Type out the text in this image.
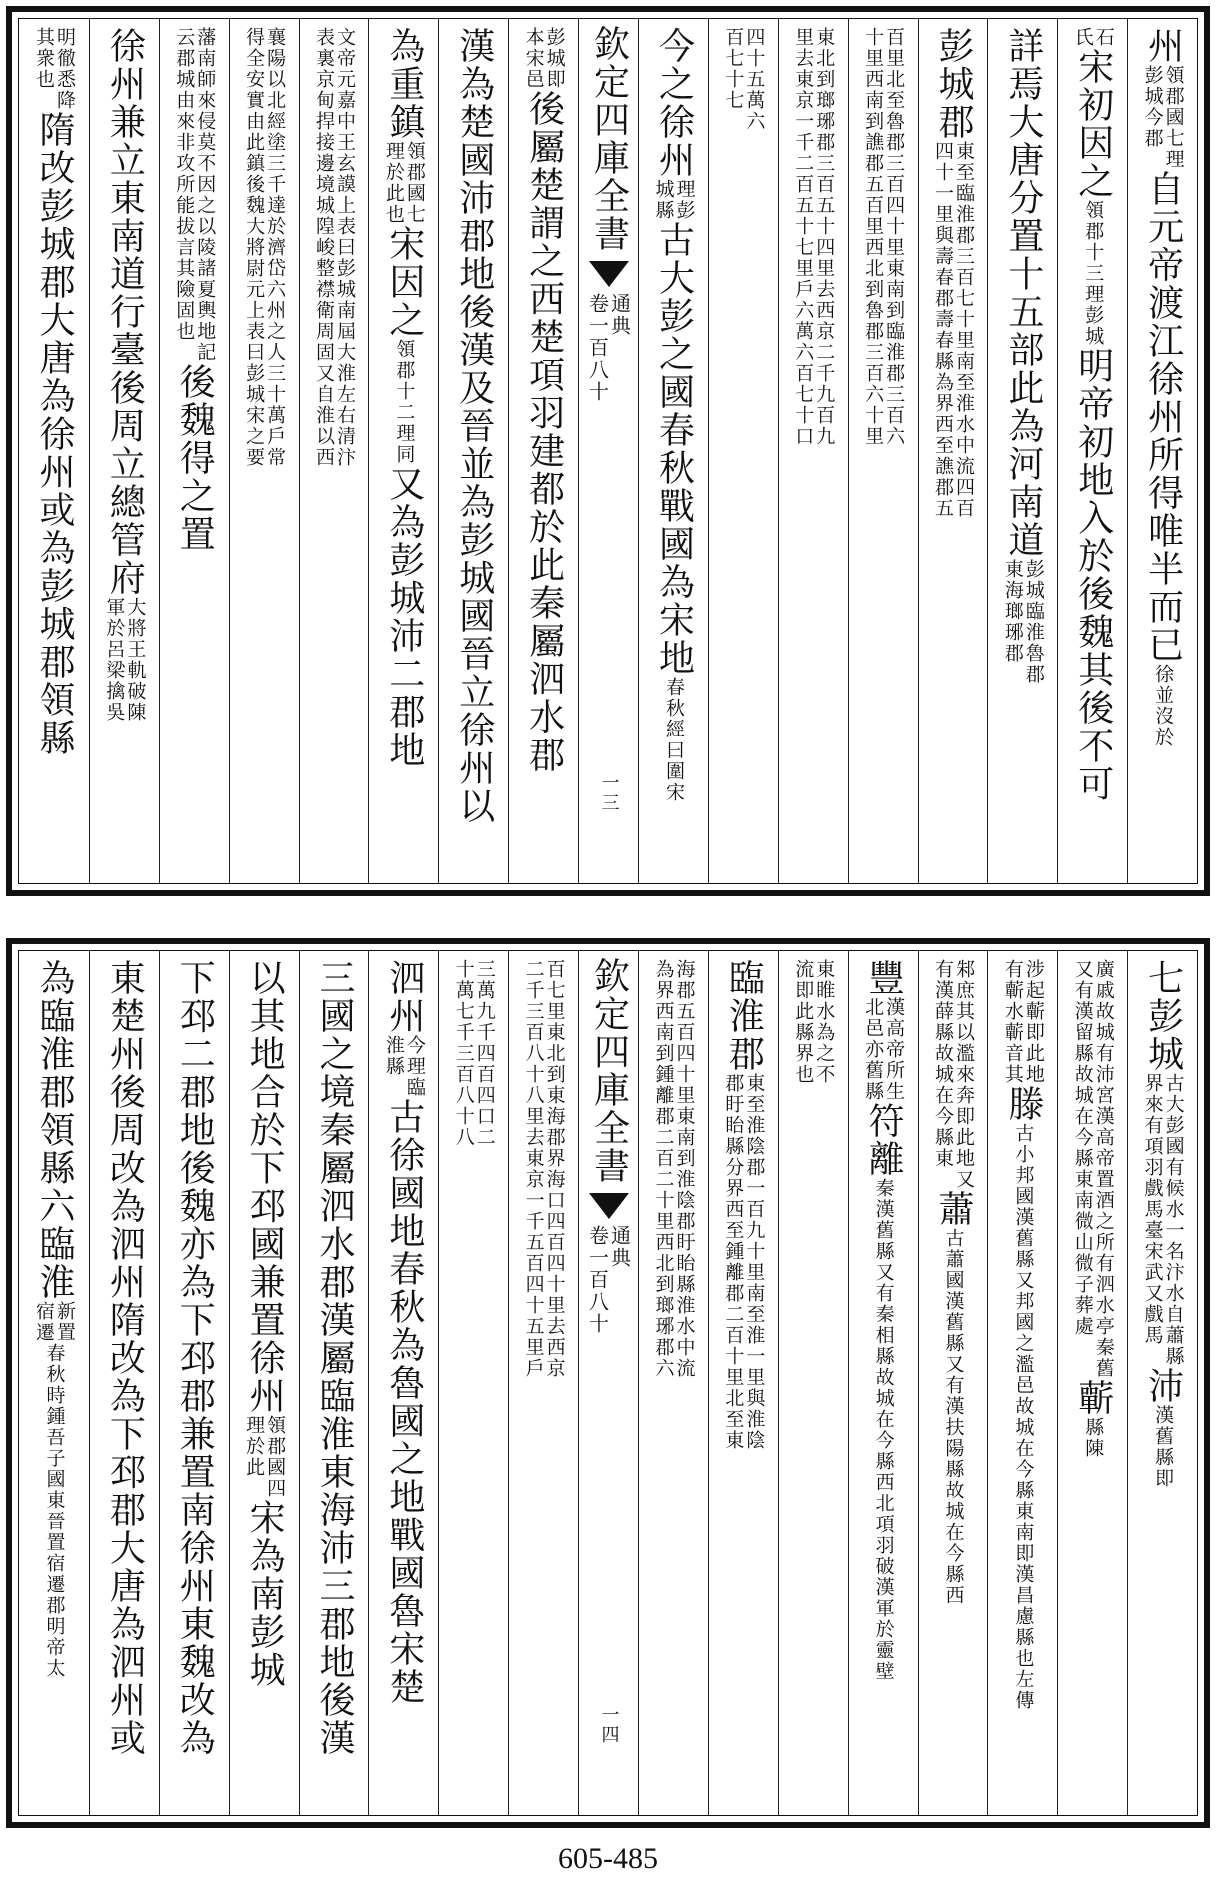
州
領郡國七理
彭城今郡
自元帝渡江徐州所得唯半而已
徐並沒於
石
氏
宋初因之
領郡十三理彭城
明帝初地入於後魏其後不可
詳焉大唐分置十五部此為河南道
彭城臨淮魯郡
東海瑯琊郡
彭城郡
東至臨淮郡三百七十里南至淮水中流四百
四十一里與壽春郡壽春縣為界西至譙郡五
百里北至魯郡三百四十里東南到臨淮郡三百六
十里西南到譙郡五百里西北到魯郡三百六十里
東北到瑯琊郡三百五十四里去西京二千九百九
里去東京一千二百五十七里戶六萬六百七十口
四十五萬六
百七十七
今之徐州
理彭
城縣
古大彭之國春秋戰國為宋地
春秋經曰圍宋
欽定四庫全書
通典
卷一百八十
一三
彭城即
本宋邑
後屬楚謂之西楚項羽建都於此秦屬泗水郡
漢為楚國沛郡地後漢及晉並為彭城國晉立徐州以
為重鎮
領郡國七
理於此也
宋因之
領郡十二理同
又為彭城沛二郡地
文帝元嘉中王玄謨上表曰彭城南屆大淮左右清汴
表裏京甸捍接邊境城隍峻整襟衛周固又自淮以西
襄陽以北經塗三千達於濟岱六州之人三十萬戶常
得全安實由此鎮後魏大將尉元上表曰彭城宋之要
藩南師來侵莫不因之以陵諸夏輿地記
云郡城由來非攻所能拔言其險固也
後魏得之置
徐州兼立東南道行臺後周立總管府
大將王軌破陳
軍於呂梁擒吳
明徹悉降
其衆也
隋改彭城郡大唐為徐州或為彭城郡領縣
七
彭城
古大彭國有候水一名汴水自蕭縣
界來有項羽戲馬臺宋武又戲馬
沛
漢舊縣即
廣戚故城有沛宮漢高帝置酒之所有泗水亭秦舊
又有漢留縣故城在今縣東南微山微子葬處
蘄
縣陳
涉起蘄即此地
有蘄水蘄音其
滕
古小邦國漢舊縣又邦國之濫邑故城在今縣東南即漢昌慮縣也左傳
邾庶其以濫來奔即此地又
有漢薛縣故城在今縣東
蕭
古蕭國漢舊縣又有漢扶陽縣故城在今縣西
豐
漢高帝所生
北邑亦舊縣
符離
秦漢舊縣又有秦相縣故城在今縣西北項羽破漢軍於靈壁
東睢水為之不
流即此縣界也
臨淮郡
東至淮陰郡一百九十里南至淮一里與淮陰
郡盱眙縣分界西至鍾離郡二百十里北至東
海郡五百四十里東南到淮陰郡盱眙縣淮水中流
為界西南到鍾離郡二百二十里西北到瑯琊郡六
欽定四庫全書
通典
卷一百八十
一四
百七里東北到東海郡界海口四百四十里去西京
二千三百八十八里去東京一千五百四十五里戶
三萬九千四百四口二
十萬七千三百八十八
泗州
今理臨
淮縣
古徐國地春秋為魯國之地戰國魯宋楚
三國之境秦屬泗水郡漢屬臨淮東海沛三郡地後漢
以其地合於下邳國兼置徐州
領郡國四
理於此
宋為南彭城
下邳二郡地後魏亦為下邳郡兼置南徐州東魏改為
東楚州後周改為泗州隋改為下邳郡大唐為泗州或
為臨淮郡領縣六
臨淮
新置
宿遷
春秋時鍾吾子國東晉置宿遷郡明帝太
605-485
